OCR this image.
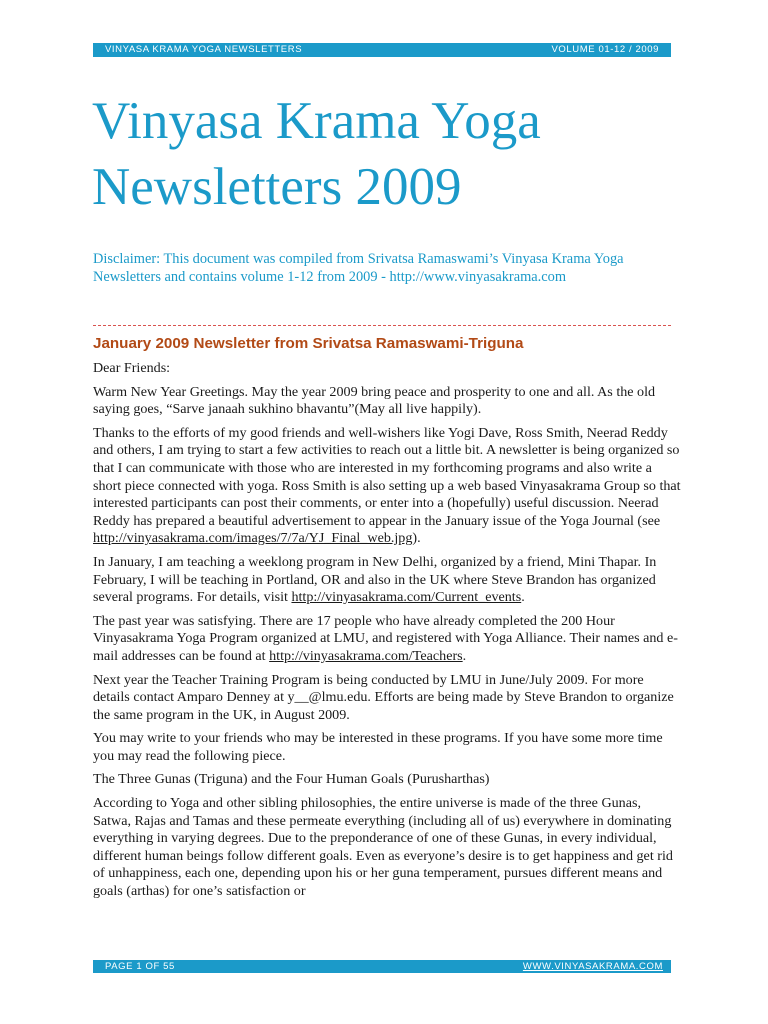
VINYASA KRAMA YOGA NEWSLETTERS	VOLUME 01-12 / 2009
Vinyasa Krama Yoga
Newsletters 2009
Disclaimer: This document was compiled from Srivatsa Ramaswami’s Vinyasa Krama Yoga Newsletters and contains volume 1-12 from 2009 - http://www.vinyasakrama.com
January 2009 Newsletter from Srivatsa Ramaswami-Triguna

Dear Friends:

Warm New Year Greetings. May the year 2009 bring peace and prosperity to one and all. As the old saying goes, “Sarve janaah sukhino bhavantu”(May all live happily).

Thanks to the efforts of my good friends and well-wishers like Yogi Dave, Ross Smith, Neerad Reddy and others, I am trying to start a few activities to reach out a little bit. A newsletter is being organized so that I can communicate with those who are interested in my forthcoming programs and also write a short piece connected with yoga. Ross Smith is also setting up a web based Vinyasakrama Group so that interested participants can post their comments, or enter into a (hopefully) useful discussion. Neerad Reddy has prepared a beautiful advertisement to appear in the January issue of the Yoga Journal (see http://vinyasakrama.com/images/7/7a/YJ_Final_web.jpg).

In January, I am teaching a weeklong program in New Delhi, organized by a friend, Mini Thapar. In February, I will be teaching in Portland, OR and also in the UK where Steve Brandon has organized several programs. For details, visit http://vinyasakrama.com/Current_events.

The past year was satisfying. There are 17 people who have already completed the 200 Hour Vinyasakrama Yoga Program organized at LMU, and registered with Yoga Alliance. Their names and e-mail addresses can be found at http://vinyasakrama.com/Teachers.

Next year the Teacher Training Program is being conducted by LMU in June/July 2009. For more details contact Amparo Denney at y__@lmu.edu. Efforts are being made by Steve Brandon to organize the same program in the UK, in August 2009.

You may write to your friends who may be interested in these programs. If you have some more time you may read the following piece.

The Three Gunas (Triguna) and the Four Human Goals (Purusharthas)

According to Yoga and other sibling philosophies, the entire universe is made of the three Gunas, Satwa, Rajas and Tamas and these permeate everything (including all of us) everywhere in dominating everything in varying degrees. Due to the preponderance of one of these Gunas, in every individual, different human beings follow different goals. Even as everyone’s desire is to get happiness and get rid of unhappiness, each one, depending upon his or her guna temperament, pursues different means and goals (arthas) for one’s satisfaction or

PAGE 1 OF 55	WWW.VINYASAKRAMA.COM
